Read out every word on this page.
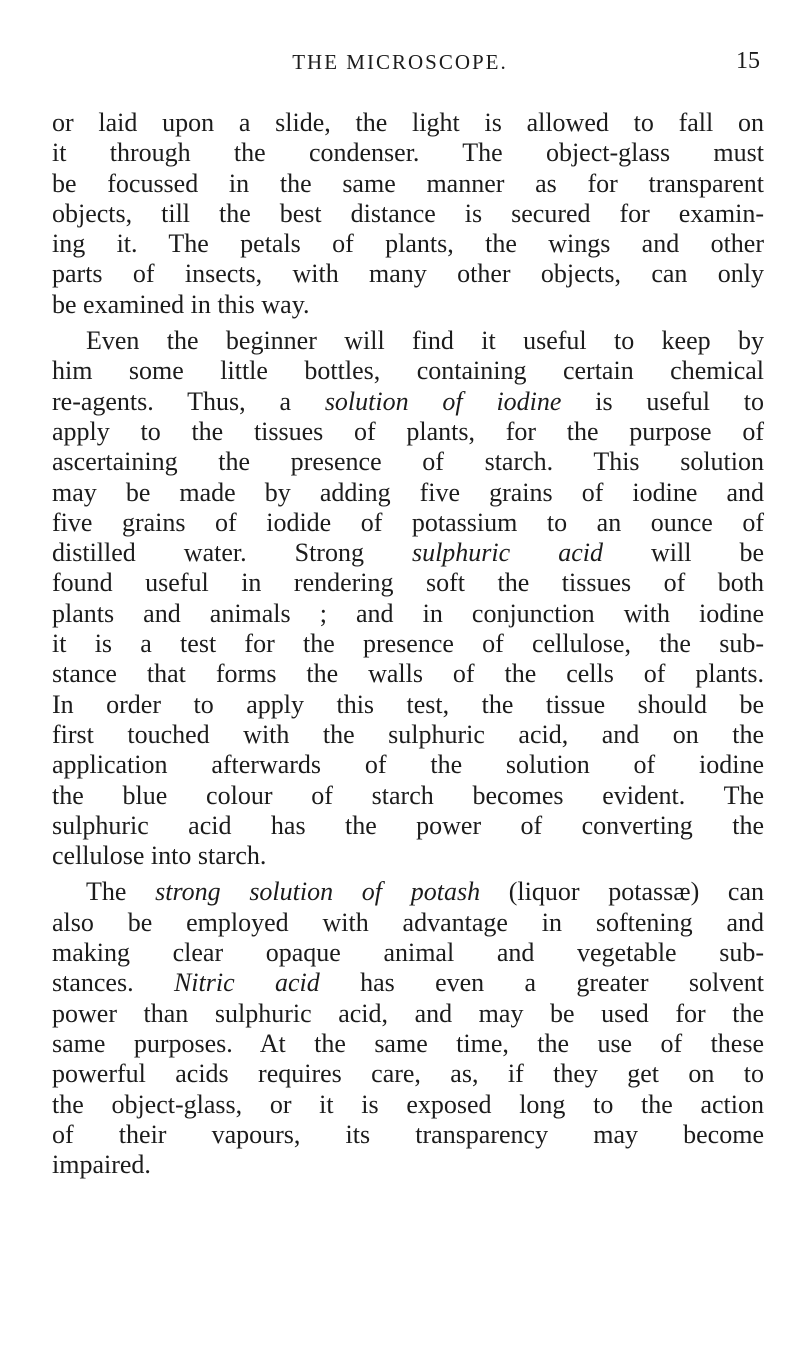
THE MICROSCOPE.	15
or laid upon a slide, the light is allowed to fall on
it through the condenser. The object-glass must
be focussed in the same manner as for transparent
objects, till the best distance is secured for examin-
ing it. The petals of plants, the wings and other
parts of insects, with many other objects, can only
be examined in this way.
Even the beginner will find it useful to keep by
him some little bottles, containing certain chemical
re-agents. Thus, a solution of iodine is useful to
apply to the tissues of plants, for the purpose of
ascertaining the presence of starch. This solution
may be made by adding five grains of iodine and
five grains of iodide of potassium to an ounce of
distilled water. Strong sulphuric acid will be
found useful in rendering soft the tissues of both
plants and animals ; and in conjunction with iodine
it is a test for the presence of cellulose, the sub-
stance that forms the walls of the cells of plants.
In order to apply this test, the tissue should be
first touched with the sulphuric acid, and on the
application afterwards of the solution of iodine
the blue colour of starch becomes evident. The
sulphuric acid has the power of converting the
cellulose into starch.
The strong solution of potash (liquor potassæ) can
also be employed with advantage in softening and
making clear opaque animal and vegetable sub-
stances. Nitric acid has even a greater solvent
power than sulphuric acid, and may be used for the
same purposes. At the same time, the use of these
powerful acids requires care, as, if they get on to
the object-glass, or it is exposed long to the action
of their vapours, its transparency may become
impaired.
